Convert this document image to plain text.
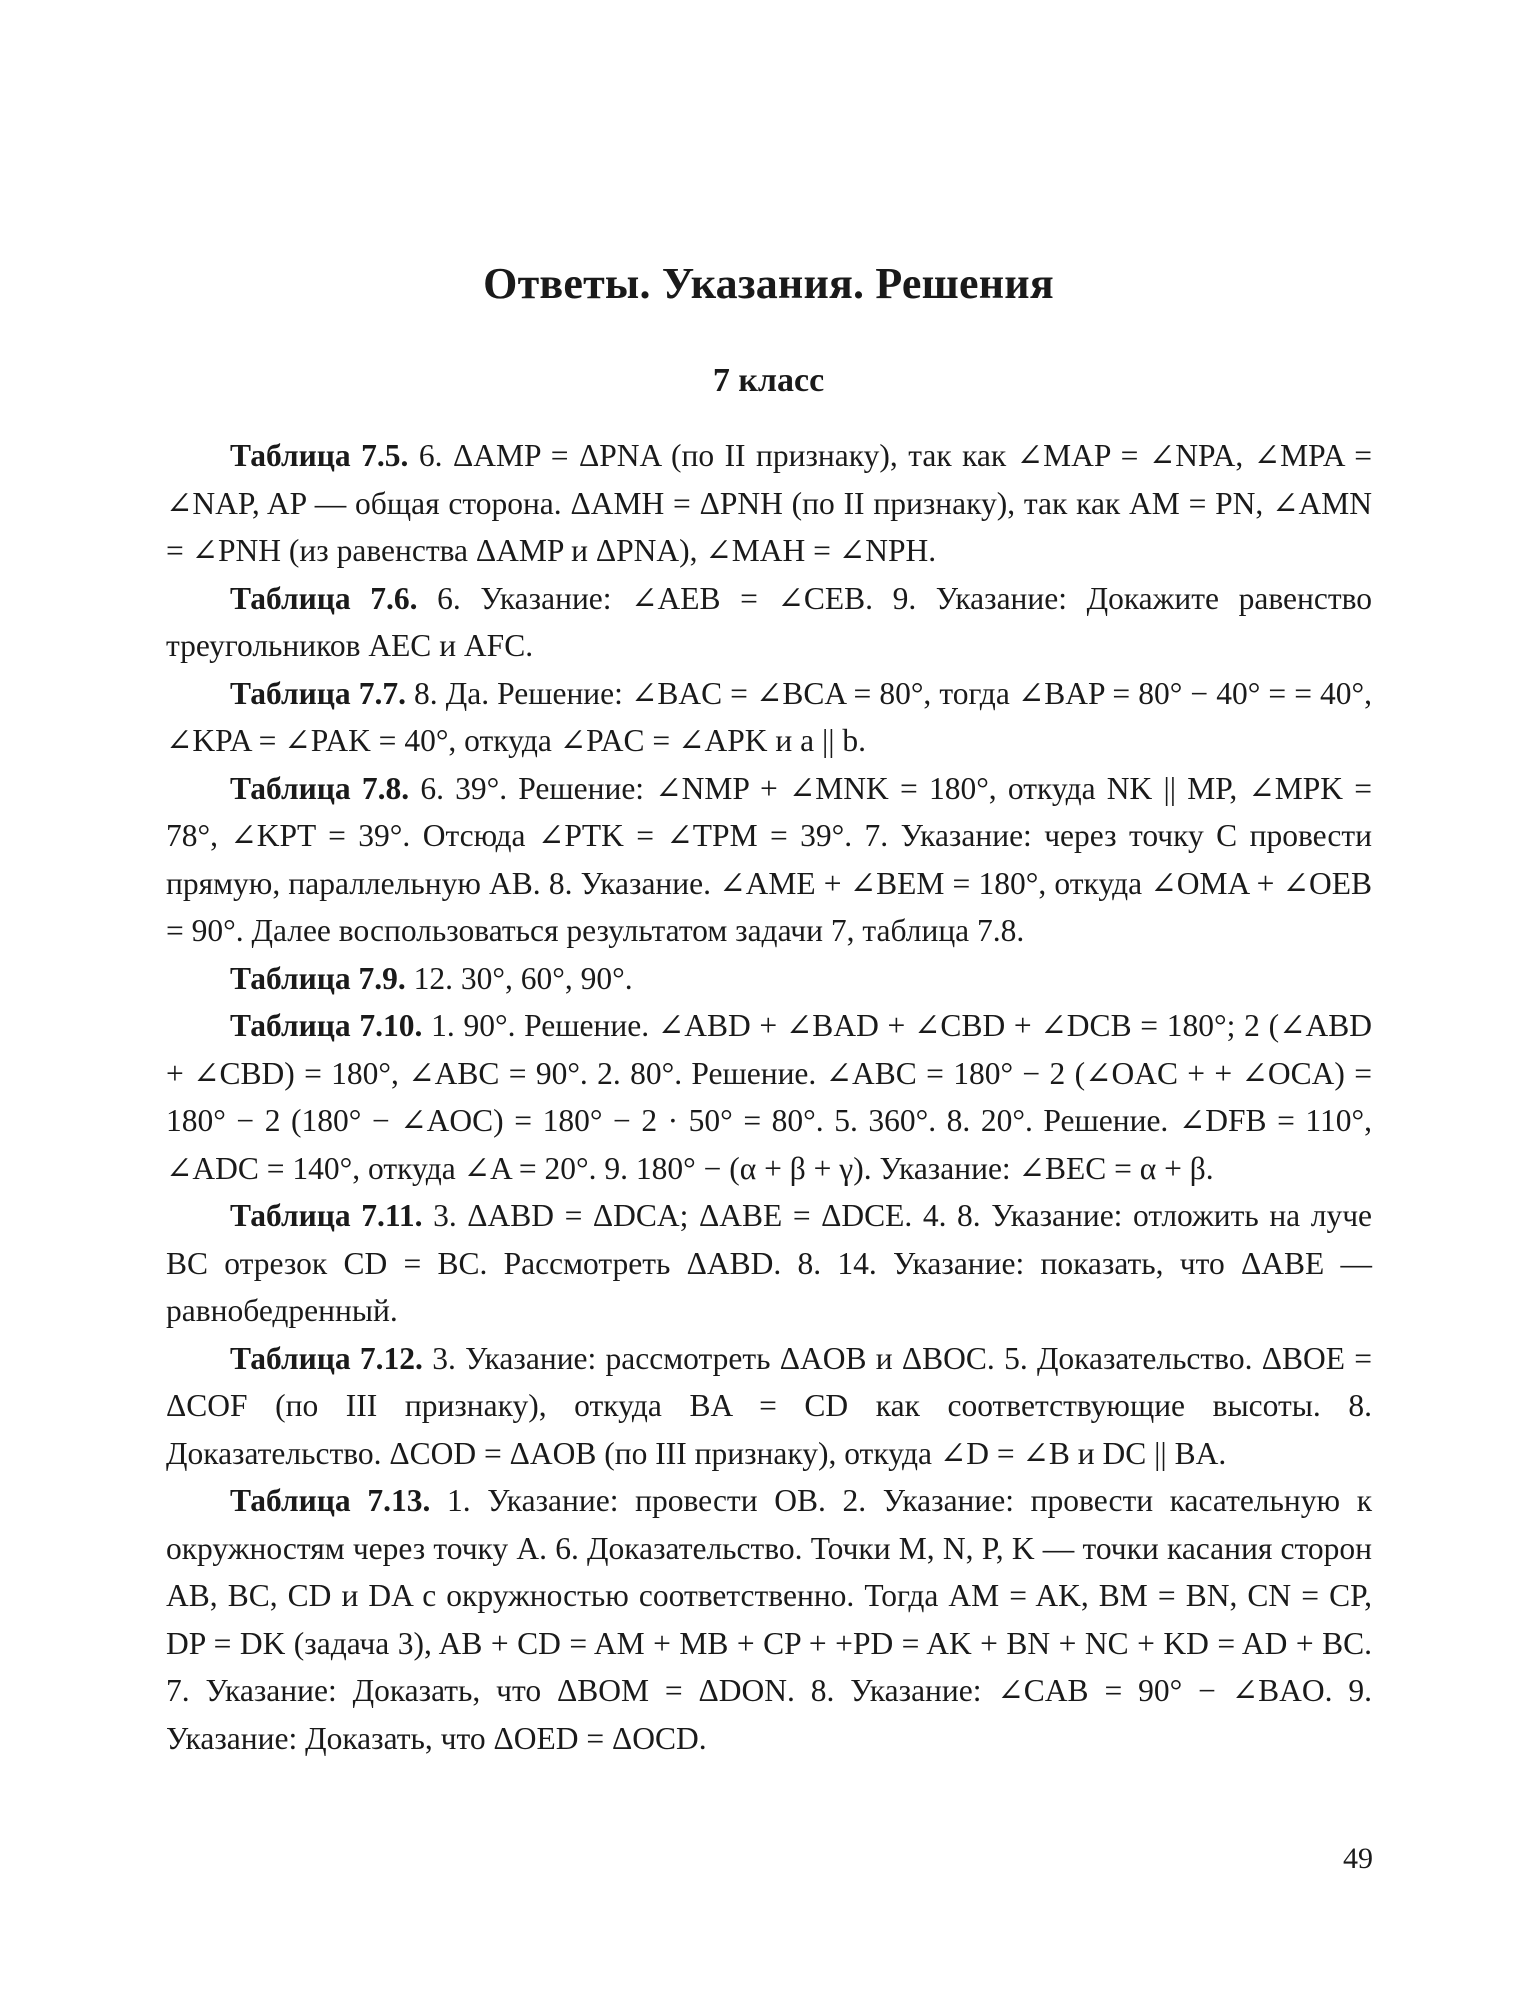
Ответы. Указания. Решения
7 класс

Таблица 7.5. 6. ΔAMP = ΔPNA (по II признаку), так как ∠MAP = ∠NPA, ∠MPA = ∠NAP, AP — общая сторона. ΔAMH = ΔPNH (по II признаку), так как AM = PN, ∠AMN = ∠PNH (из равенства ΔAMP и ΔPNA), ∠MAH = ∠NPH.

Таблица 7.6. 6. Указание: ∠AEB = ∠CEB. 9. Указание: Докажите равенство треугольников AEC и AFC.

Таблица 7.7. 8. Да. Решение: ∠BAC = ∠BCA = 80°, тогда ∠BAP = 80° − 40° = = 40°, ∠KPA = ∠PAK = 40°, откуда ∠PAC = ∠APK и a || b.

Таблица 7.8. 6. 39°. Решение: ∠NMP + ∠MNK = 180°, откуда NK || MP, ∠MPK = 78°, ∠KPT = 39°. Отсюда ∠PTK = ∠TPM = 39°. 7. Указание: через точку C провести прямую, параллельную AB. 8. Указание. ∠AME + ∠BEM = 180°, откуда ∠OMA + ∠OEB = 90°. Далее воспользоваться результатом задачи 7, таблица 7.8.

Таблица 7.9. 12. 30°, 60°, 90°.

Таблица 7.10. 1. 90°. Решение. ∠ABD + ∠BAD + ∠CBD + ∠DCB = 180°; 2 (∠ABD + ∠CBD) = 180°, ∠ABC = 90°. 2. 80°. Решение. ∠ABC = 180° − 2 (∠OAC + + ∠OCA) = 180° − 2 (180° − ∠AOC) = 180° − 2 · 50° = 80°. 5. 360°. 8. 20°. Решение. ∠DFB = 110°, ∠ADC = 140°, откуда ∠A = 20°. 9. 180° − (α + β + γ). Указание: ∠BEC = α + β.

Таблица 7.11. 3. ΔABD = ΔDCA; ΔABE = ΔDCE. 4. 8. Указание: отложить на луче BC отрезок CD = BC. Рассмотреть ΔABD. 8. 14. Указание: показать, что ΔABE — равнобедренный.

Таблица 7.12. 3. Указание: рассмотреть ΔAOB и ΔBOC. 5. Доказательство. ΔBOE = ΔCOF (по III признаку), откуда BA = CD как соответствующие высоты. 8. Доказательство. ΔCOD = ΔAOB (по III признаку), откуда ∠D = ∠B и DC || BA.

Таблица 7.13. 1. Указание: провести OB. 2. Указание: провести касательную к окружностям через точку A. 6. Доказательство. Точки M, N, P, K — точки касания сторон AB, BC, CD и DA с окружностью соответственно. Тогда AM = AK, BM = BN, CN = CP, DP = DK (задача 3), AB + CD = AM + MB + CP + +PD = AK + BN + NC + KD = AD + BC. 7. Указание: Доказать, что ΔBOM = ΔDON. 8. Указание: ∠CAB = 90° − ∠BAO. 9. Указание: Доказать, что ΔOED = ΔOCD.

49
